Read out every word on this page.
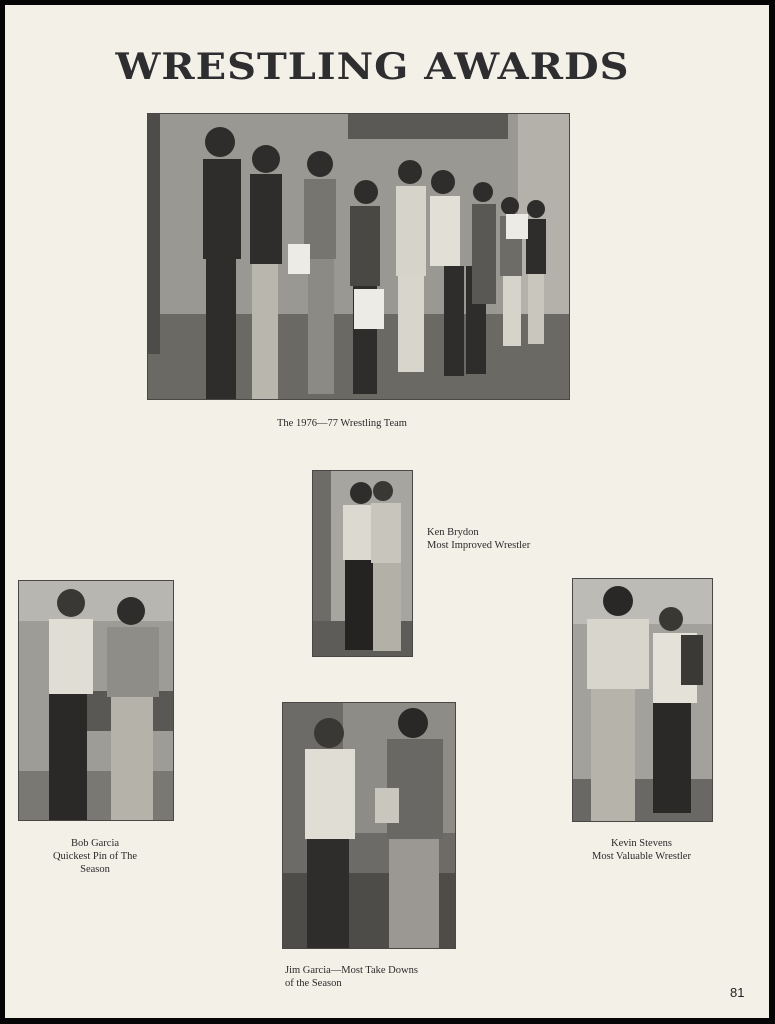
WRESTLING AWARDS
The 1976—77 Wrestling Team
Ken Brydon
Most Improved Wrestler
Bob Garcia
Quickest Pin of The
Season
Jim Garcia—Most Take Downs
of the Season
Kevin Stevens
Most Valuable Wrestler
81
